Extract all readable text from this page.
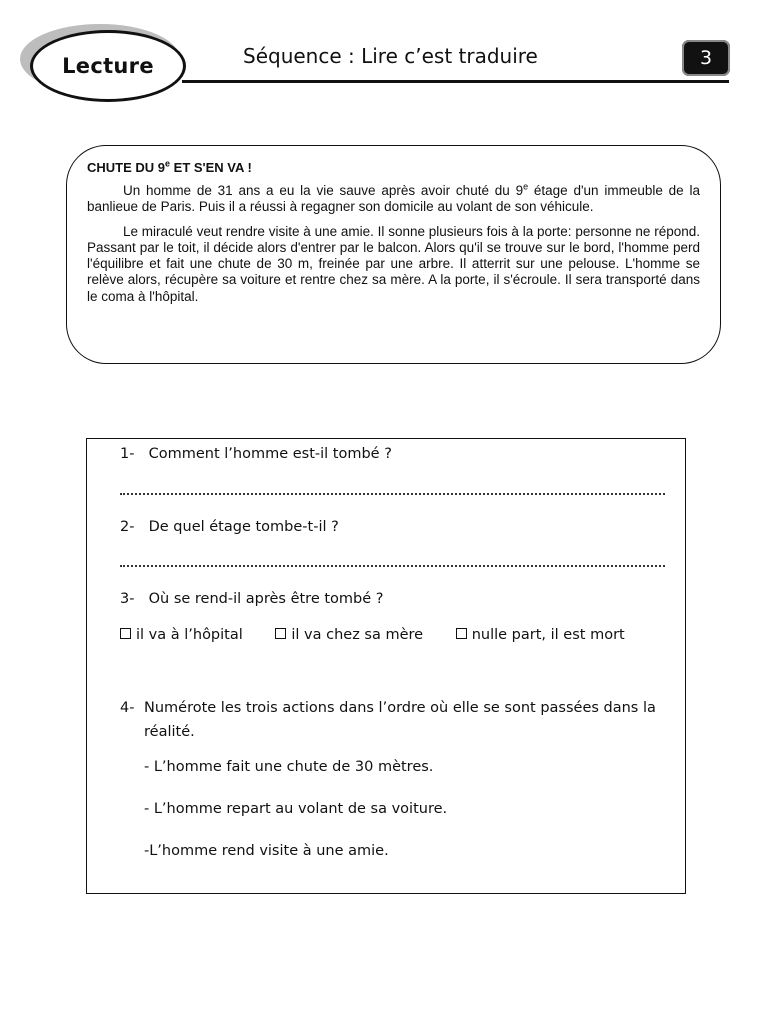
Lecture	Séquence : Lire c’est traduire	3
CHUTE DU 9e ET S'EN VA !

Un homme de 31 ans a eu la vie sauve après avoir chuté du 9e étage d'un immeuble de la banlieue de Paris. Puis il a réussi à regagner son domicile au volant de son véhicule.

Le miraculé veut rendre visite à une amie. Il sonne plusieurs fois à la porte: personne ne répond. Passant par le toit, il décide alors d'entrer par le balcon. Alors qu'il se trouve sur le bord, l'homme perd l'équilibre et fait une chute de 30 m, freinée par une arbre. Il atterrit sur une pelouse. L'homme se relève alors, récupère sa voiture et rentre chez sa mère. A la porte, il s'écroule. Il sera transporté dans le coma à l'hôpital.

1- Comment l’homme est-il tombé ?
2- De quel étage tombe-t-il ?
3- Où se rend-il après être tombé ?
il va à l’hôpital	il va chez sa mère	nulle part, il est mort
4- Numérote les trois actions dans l’ordre où elle se sont passées dans la réalité.
- L’homme fait une chute de 30 mètres.
- L’homme repart au volant de sa voiture.
-L’homme rend visite à une amie.
